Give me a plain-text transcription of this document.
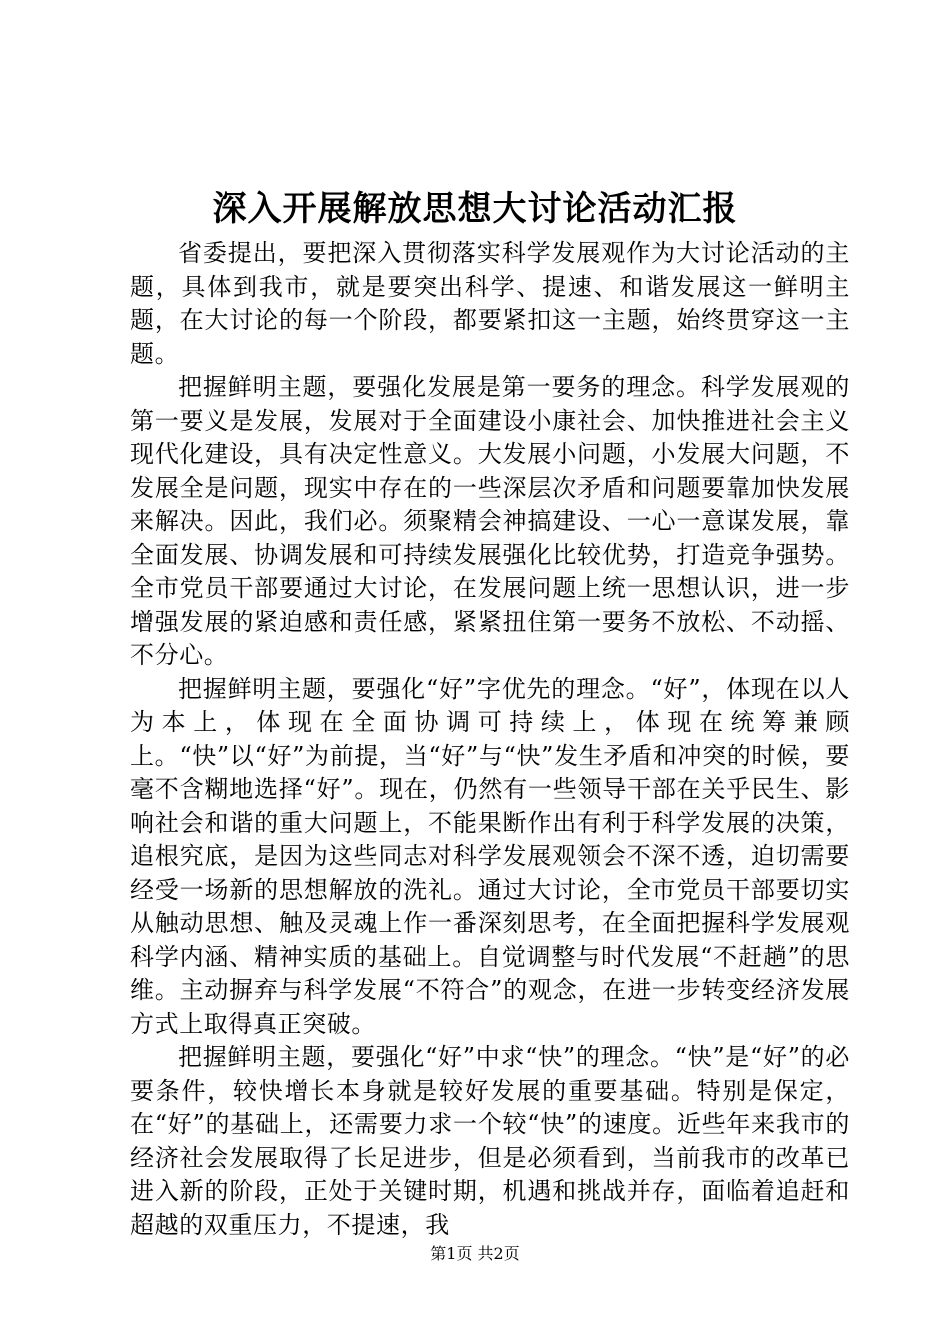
深入开展解放思想大讨论活动汇报

省委提出，要把深入贯彻落实科学发展观作为大讨论活动的主题，具体到我市，就是要突出科学、提速、和谐发展这一鲜明主题，在大讨论的每一个阶段，都要紧扣这一主题，始终贯穿这一主题。

把握鲜明主题，要强化发展是第一要务的理念。科学发展观的第一要义是发展，发展对于全面建设小康社会、加快推进社会主义现代化建设，具有决定性意义。大发展小问题，小发展大问题，不发展全是问题，现实中存在的一些深层次矛盾和问题要靠加快发展来解决。因此，我们必。须聚精会神搞建设、一心一意谋发展，靠全面发展、协调发展和可持续发展强化比较优势，打造竞争强势。全市党员干部要通过大讨论，在发展问题上统一思想认识，进一步增强发展的紧迫感和责任感，紧紧扭住第一要务不放松、不动摇、不分心。

把握鲜明主题，要强化“好”字优先的理念。“好”，体现在以人为本上，体现在全面协调可持续上，体现在统筹兼顾上。“快”以“好”为前提，当“好”与“快”发生矛盾和冲突的时候，要毫不含糊地选择“好”。现在，仍然有一些领导干部在关乎民生、影响社会和谐的重大问题上，不能果断作出有利于科学发展的决策，追根究底，是因为这些同志对科学发展观领会不深不透，迫切需要经受一场新的思想解放的洗礼。通过大讨论，全市党员干部要切实从触动思想、触及灵魂上作一番深刻思考，在全面把握科学发展观科学内涵、精神实质的基础上。自觉调整与时代发展“不赶趟”的思维。主动摒弃与科学发展“不符合”的观念，在进一步转变经济发展方式上取得真正突破。

把握鲜明主题，要强化“好”中求“快”的理念。“快”是“好”的必要条件，较快增长本身就是较好发展的重要基础。特别是保定，在“好”的基础上，还需要力求一个较“快”的速度。近些年来我市的经济社会发展取得了长足进步，但是必须看到，当前我市的改革已进入新的阶段，正处于关键时期，机遇和挑战并存，面临着追赶和超越的双重压力，不提速，我

第1页 共2页
